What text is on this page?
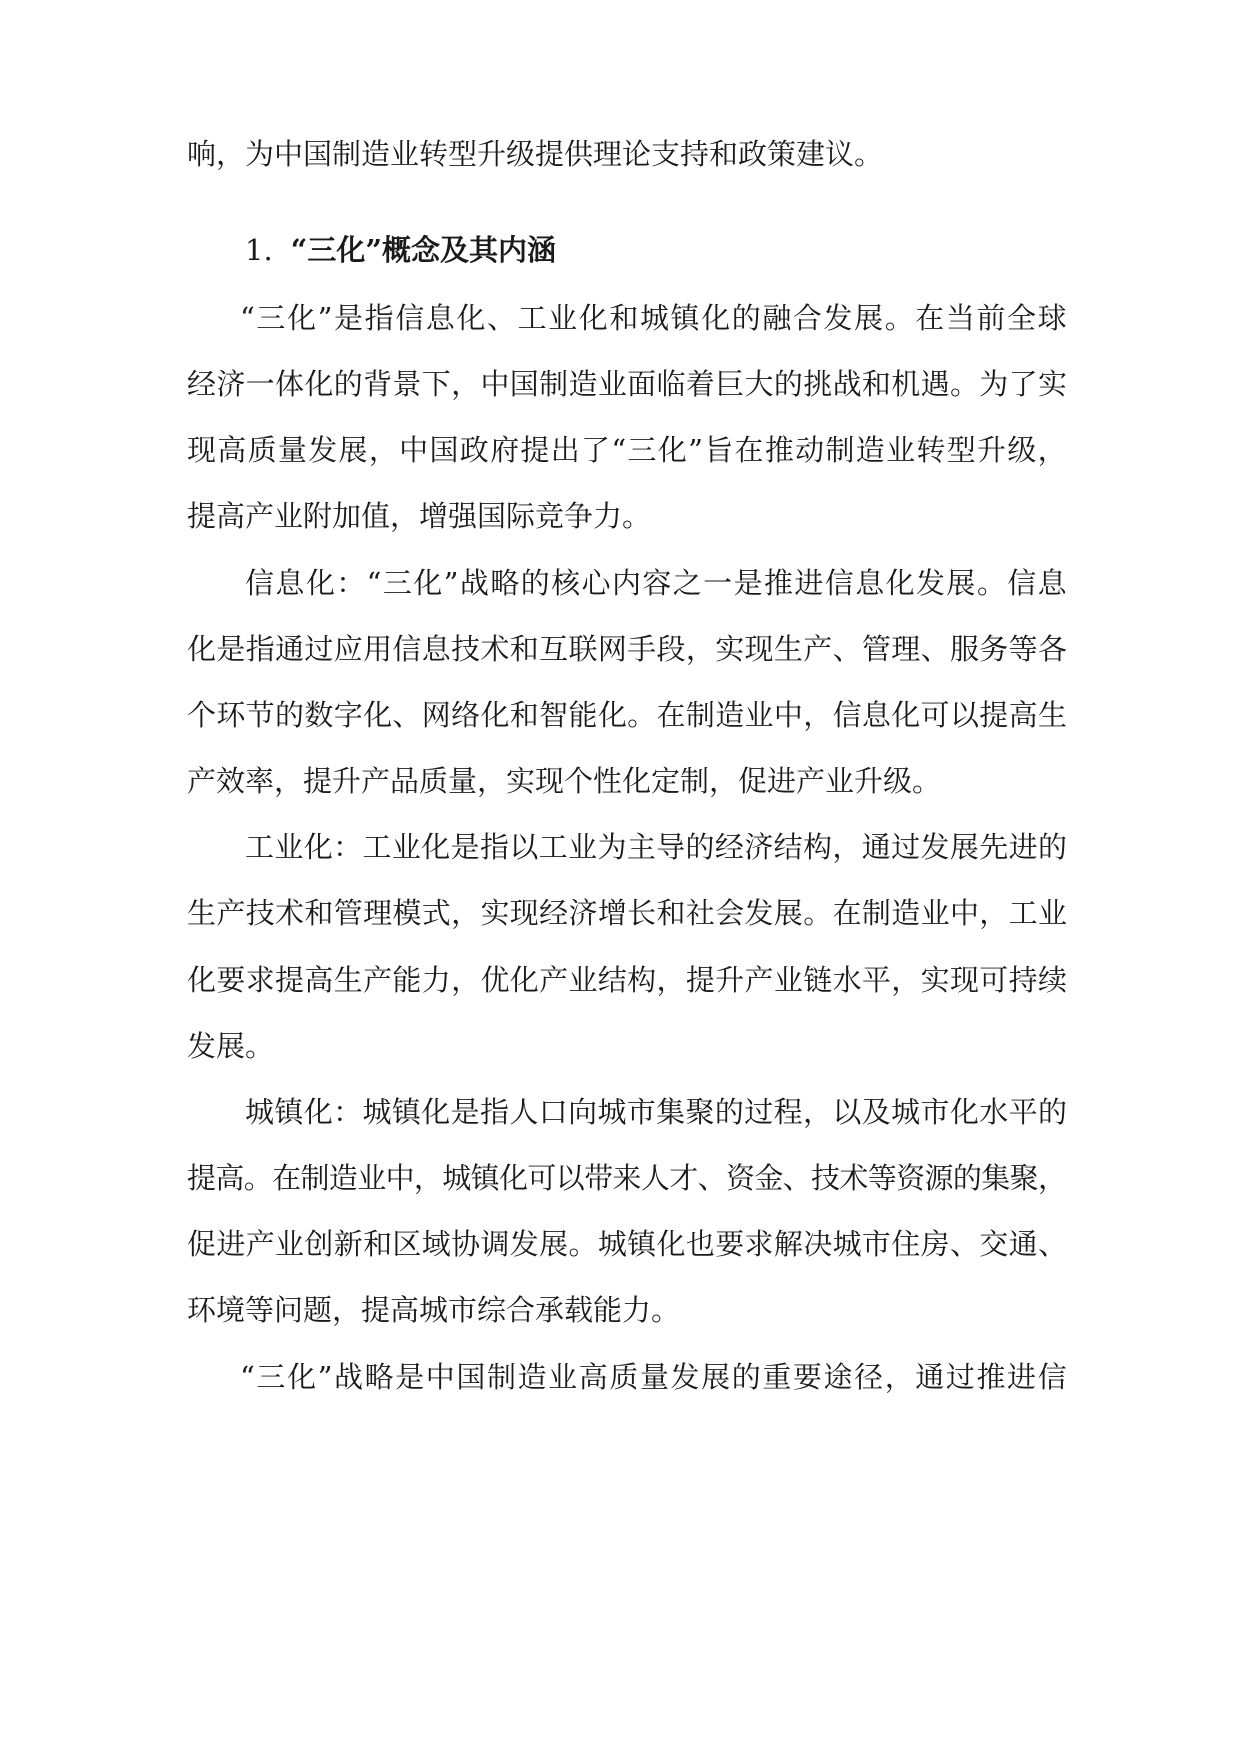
响，为中国制造业转型升级提供理论支持和政策建议。
1. “三化”概念及其内涵
“三化”是指信息化、工业化和城镇化的融合发展。在当前全球
经济一体化的背景下，中国制造业面临着巨大的挑战和机遇。为了实
现高质量发展，中国政府提出了“三化”旨在推动制造业转型升级，
提高产业附加值，增强国际竞争力。
信息化：“三化”战略的核心内容之一是推进信息化发展。信息
化是指通过应用信息技术和互联网手段，实现生产、管理、服务等各
个环节的数字化、网络化和智能化。在制造业中，信息化可以提高生
产效率，提升产品质量，实现个性化定制，促进产业升级。
工业化：工业化是指以工业为主导的经济结构，通过发展先进的
生产技术和管理模式，实现经济增长和社会发展。在制造业中，工业
化要求提高生产能力，优化产业结构，提升产业链水平，实现可持续
发展。
城镇化：城镇化是指人口向城市集聚的过程，以及城市化水平的
提高。在制造业中，城镇化可以带来人才、资金、技术等资源的集聚，
促进产业创新和区域协调发展。城镇化也要求解决城市住房、交通、
环境等问题，提高城市综合承载能力。
“三化”战略是中国制造业高质量发展的重要途径，通过推进信
